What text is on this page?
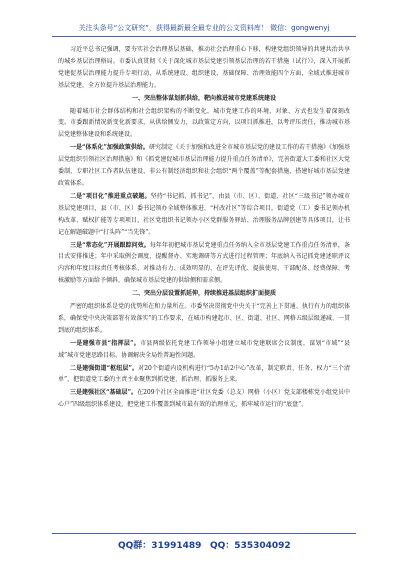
关注头条号“公文研究”，获得最新最全最专业的公文资料库！ 微信：gongwenyj

习近平总书记强调，要夯实社会治理基层基础，推动社会治理重心下移，构建党组织领导的共建共治共享的城乡基层治理格局。市委认真贯彻《关于深化城市基层党建引领基层治理的若干措施（试行）》，深入开展抓党建促基层治理能力提升专项行动，从系统建设、组织建设、基础保障、治理效能四个方面，全域式推进城市基层党建，全方位提升基层治理能力。

一、突出整体谋划抓供给，靶向推进城市党建系统建设

随着城市社会群体结构和社会组织架构的不断变化，城市党建工作的环境、对象、方式也发生着深刻改变。市委跟新情况新变化新要求，从供给侧发力，以政策定方向，以项目抓推进，以考评压责任，推动城市基层党建整体建设和系统建设。

一是“体系化”加强政策供给。研究制定《关于加强和改进全市城市基层党的建设工作的若干措施》《加强基层党组织引领社区治理措施》和《抓党建促城市基层治理能力提升重点任务清单》，完善街道大工委和社区大党委制、专职社区工作者队伍建设、非公有制经济组织和社会组织“两个覆盖”等配套措施，搭建好城市基层党建政策体系。

二是“项目化”推进重点破题。坚持“书记抓、抓书记”，由县（市、区）、街道、社区“三级书记”领办城市基层党建项目，县（市、区）委书记领办全域整体推进、“村改社区”等综合项目，街道党（工）委书记领办机构改革、赋权扩能等专项项目，社区党组织书记领办小区党群服务驿站、治理服务品牌创建等具体项目，让书记在解题破题中“打头阵”“当先锋”。

三是“常态化”开展跟踪问效。每年年初把城市基层党建重点任务纳入全市基层党建工作重点任务清单，条目式安排推进；年中采取例会调度、提醒督办、实地调研等方式进行过程管理；年底纳入书记抓党建述职评议内容和年度目标责任考核体系，对推动有力、成效明显的，在评先评优、提拔使用、干部配备、经费保障、考核激励等方面给予倾斜，确保城市基层党建的供给侧和需求侧。

二、突出分层设置抓延伸，持续推进基层组织扩面提质

严密的组织体系是党的优势所在和力量所在。市委坚决贯彻党中央关于“完善上下贯通、执行有力的组织体系，确保党中央决策部署有效落实”的工作要求，在城市构建起市、区、街道、社区、网格五级层级递减、一贯到底的组织体系。

一是建强市县“指挥层”。市县两级依托党建工作领导小组建立城市党建联席会议制度，谋划“市域”“县域”城市党建思路目标，协调解决全局性普遍性问题。

二是建强街道“枢纽层”。对20个街道内设机构进行“5办1站2中心”改革，制定职责、任务、权力“三个清单”，把街道党工委的主责主业聚焦到抓党建、抓治理、抓服务上来。

三是建强社区“基础层”。在209个社区全面推进“社区党委（总支）网格（小区）党支部楼栋党小组党员中心户”四级组织体系建设，把党建工作覆盖到城市最有效的治理单元，抓牢城市运行的“底盘”。

QQ群：31991489 QQ：535304092
